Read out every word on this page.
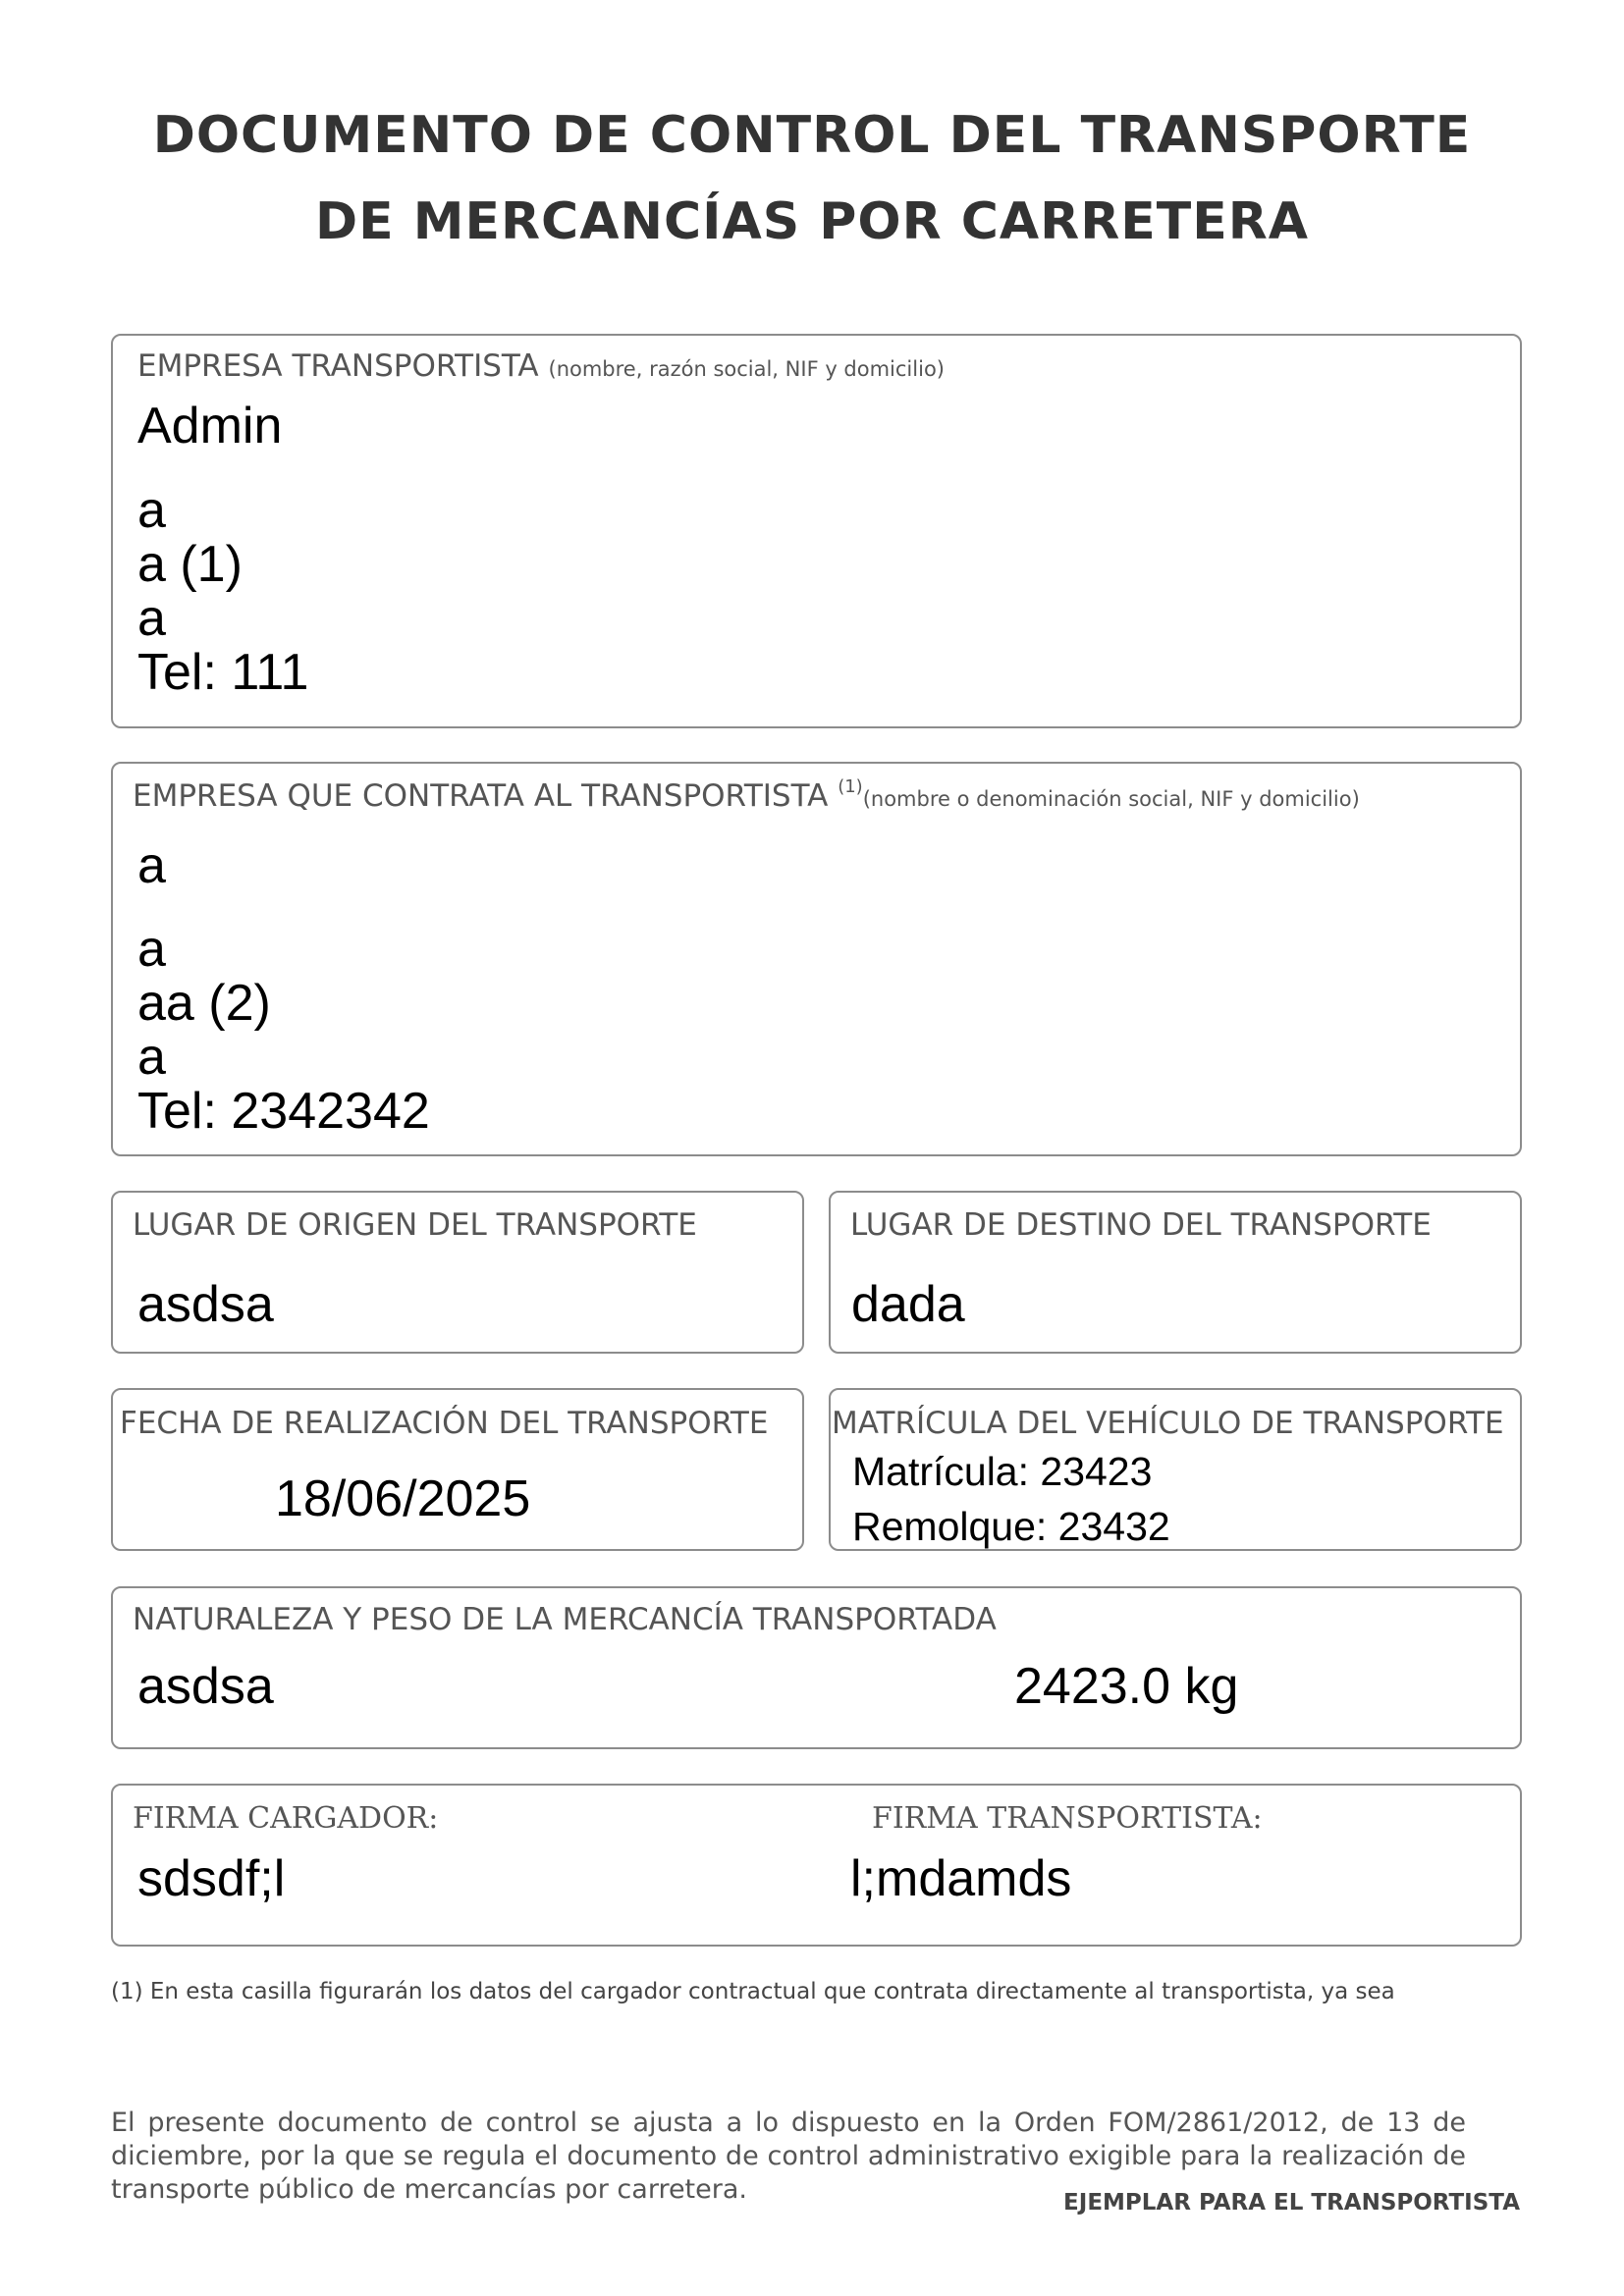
DOCUMENTO DE CONTROL DEL TRANSPORTE
DE MERCANCÍAS POR CARRETERA
EMPRESA TRANSPORTISTA (nombre, razón social, NIF y domicilio)
Admin
a
a (1)
a
Tel: 111
EMPRESA QUE CONTRATA AL TRANSPORTISTA $^{(1)}$(nombre o denominación social, NIF y domicilio)
a
a
aa (2)
a
Tel: 2342342
LUGAR DE ORIGEN DEL TRANSPORTE
asdsa
LUGAR DE DESTINO DEL TRANSPORTE
dada
FECHA DE REALIZACIÓN DEL TRANSPORTE
18/06/2025
MATRÍCULA DEL VEHÍCULO DE TRANSPORTE
Matrícula: 23423
Remolque: 23432
NATURALEZA Y PESO DE LA MERCANCÍA TRANSPORTADA
asdsa	2423.0 kg
FIRMA CARGADOR:
sdsdf;l
FIRMA TRANSPORTISTA:
l;mdamds
(1) En esta casilla figurarán los datos del cargador contractual que contrata directamente al transportista, ya sea
El presente documento de control se ajusta a lo dispuesto en la Orden FOM/2861/2012, de 13 de diciembre, por la que se regula el documento de control administrativo exigible para la realización de transporte público de mercancías por carretera.	EJEMPLAR PARA EL TRANSPORTISTA
